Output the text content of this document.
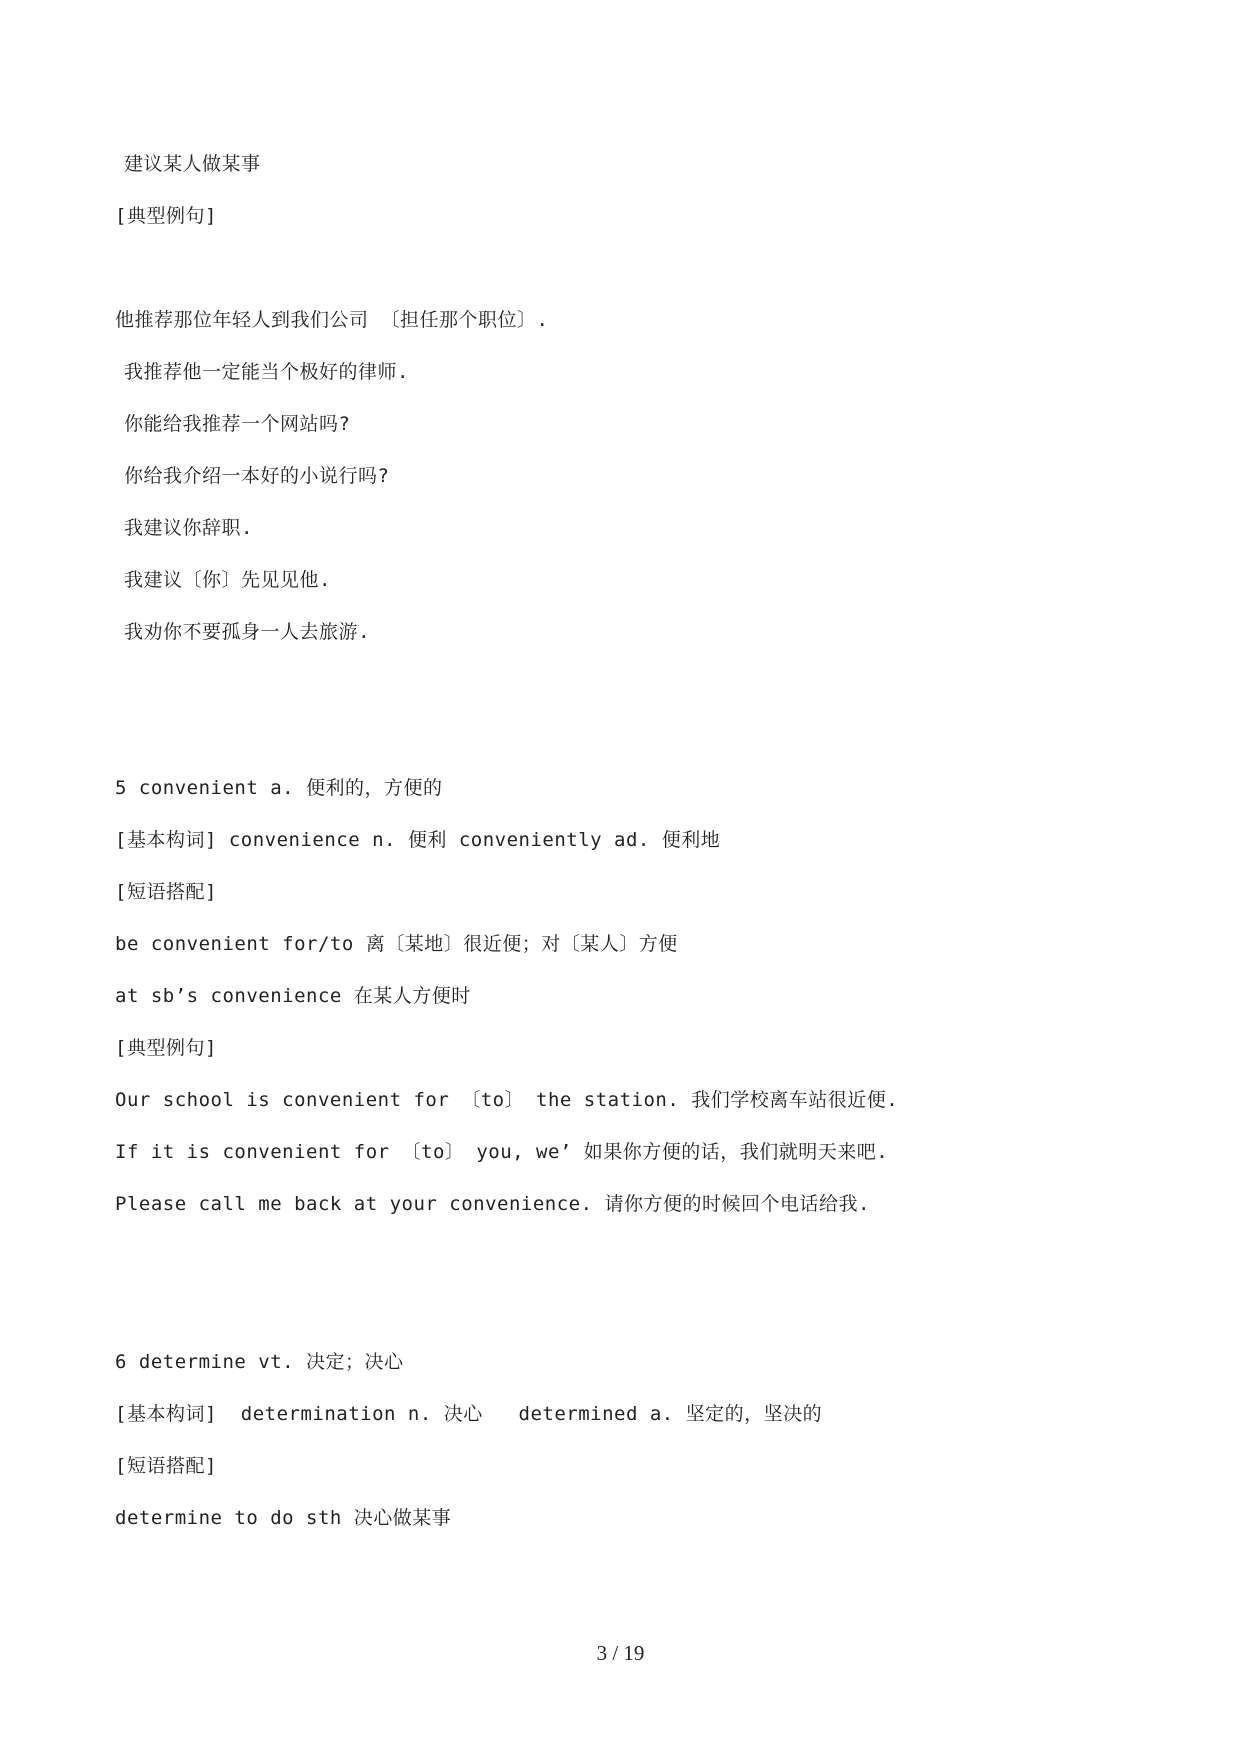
建议某人做某事
[典型例句]
他推荐那位年轻人到我们公司 〔担任那个职位〕.
我推荐他一定能当个极好的律师.
你能给我推荐一个网站吗?
你给我介绍一本好的小说行吗?
我建议你辞职.
我建议〔你〕先见见他.
我劝你不要孤身一人去旅游.
5 convenient a. 便利的，方便的
[基本构词] convenience n. 便利 conveniently ad. 便利地
[短语搭配]
be convenient for/to 离〔某地〕很近便；对〔某人〕方便
at sb’s convenience 在某人方便时
[典型例句]
Our school is convenient for 〔to〕 the station. 我们学校离车站很近便.
If it is convenient for 〔to〕 you, we’ 如果你方便的话，我们就明天来吧.
Please call me back at your convenience. 请你方便的时候回个电话给我.
6 determine vt. 决定；决心
[基本构词]  determination n. 决心   determined a. 坚定的，坚决的
[短语搭配]
determine to do sth 决心做某事
3 / 19
